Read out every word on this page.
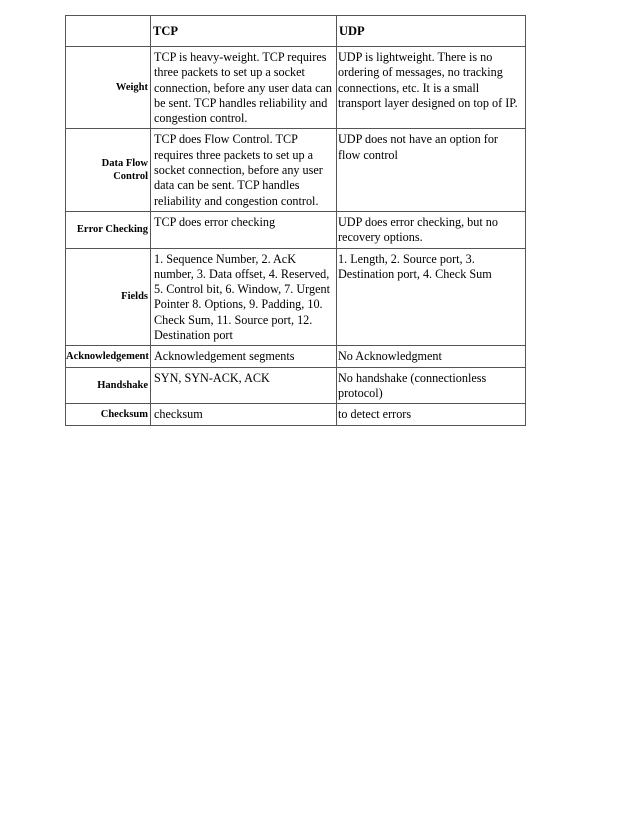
	TCP	UDP
Weight	TCP is heavy-weight. TCP requires three packets to set up a socket connection, before any user data can be sent. TCP handles reliability and congestion control.	UDP is lightweight. There is no ordering of messages, no tracking connections, etc. It is a small transport layer designed on top of IP.
Data Flow Control	TCP does Flow Control. TCP requires three packets to set up a socket connection, before any user data can be sent. TCP handles reliability and congestion control.	UDP does not have an option for flow control
Error Checking	TCP does error checking	UDP does error checking, but no recovery options.
Fields	1. Sequence Number, 2. AcK number, 3. Data offset, 4. Reserved, 5. Control bit, 6. Window, 7. Urgent Pointer 8. Options, 9. Padding, 10. Check Sum, 11. Source port, 12. Destination port	1. Length, 2. Source port, 3. Destination port, 4. Check Sum
Acknowledgement	Acknowledgement segments	No Acknowledgment
Handshake	SYN, SYN-ACK, ACK	No handshake (connectionless protocol)
Checksum	checksum	to detect errors
